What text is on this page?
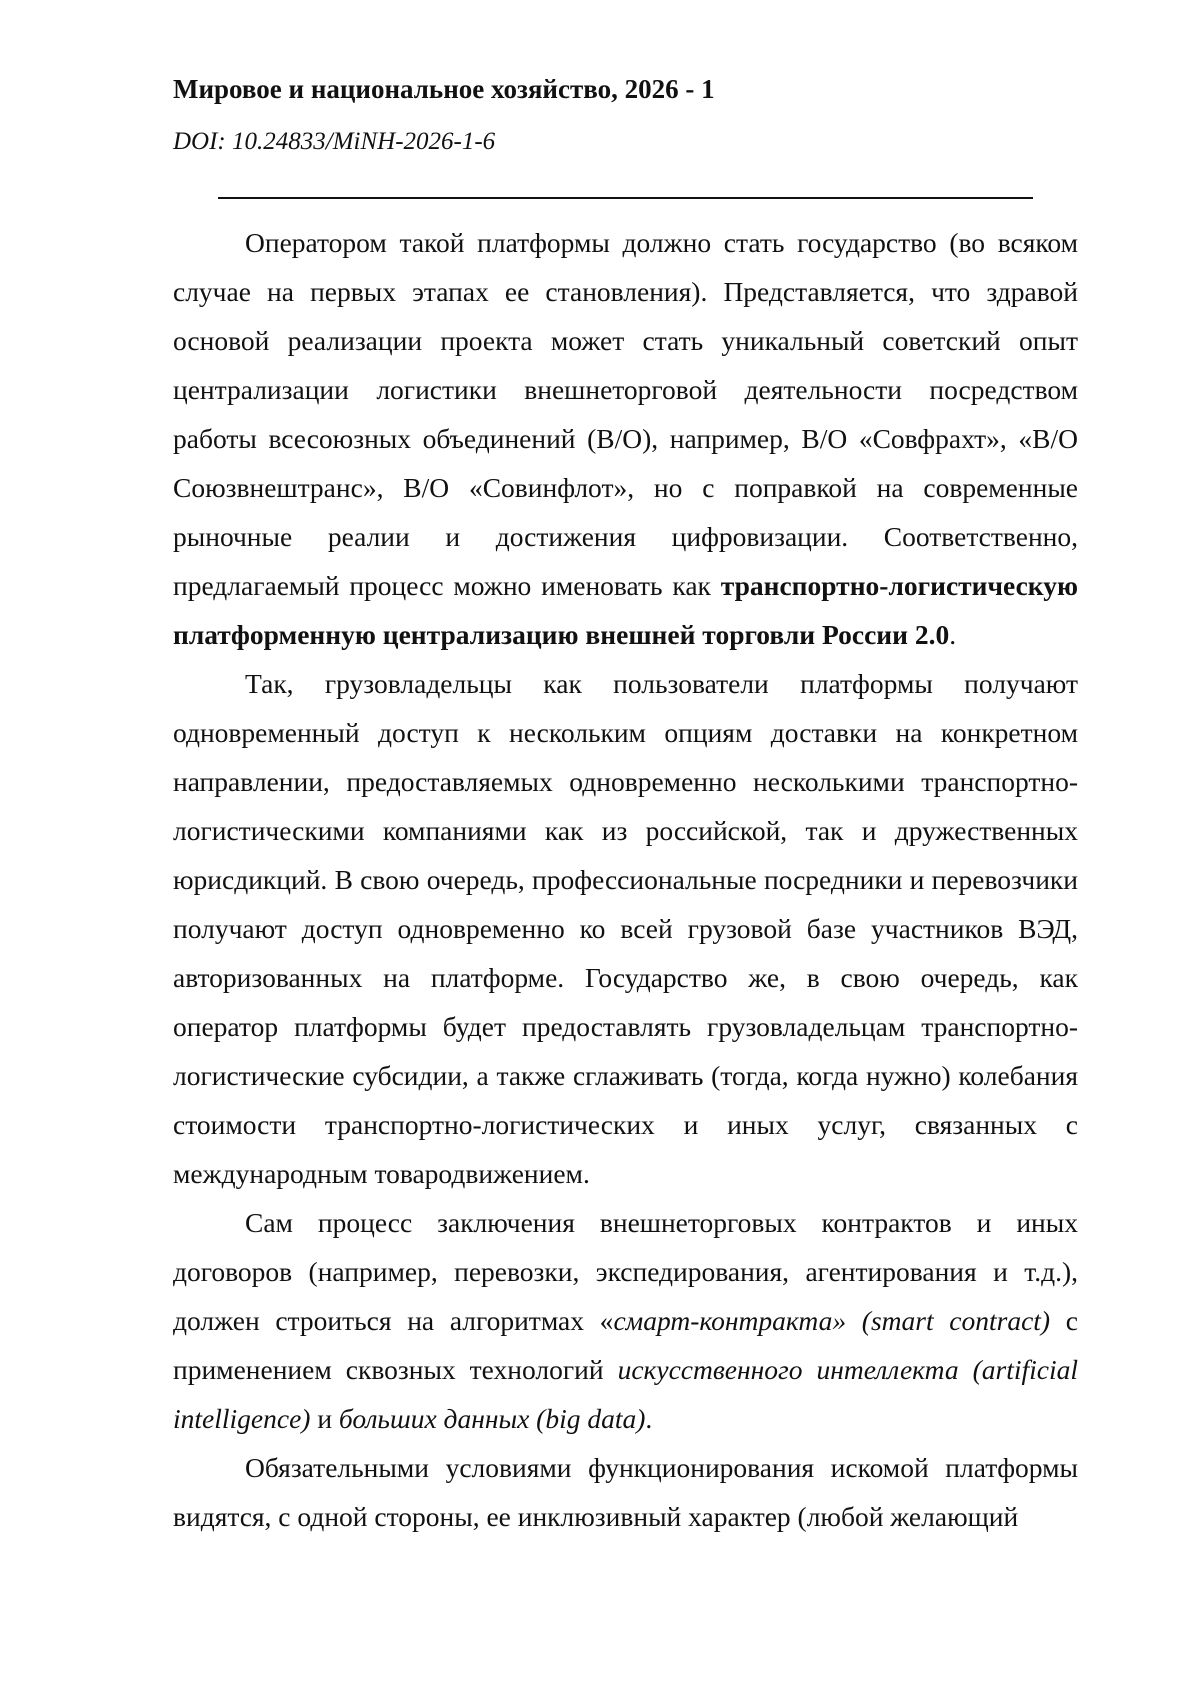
Мировое и национальное хозяйство, 2026 - 1
DOI: 10.24833/MiNH-2026-1-6

Оператором такой платформы должно стать государство (во всяком случае на первых этапах ее становления). Представляется, что здравой основой реализации проекта может стать уникальный советский опыт централизации логистики внешнеторговой деятельности посредством работы всесоюзных объединений (В/О), например, В/О «Совфрахт», «В/О Союзвнештранс», В/О «Совинфлот», но с поправкой на современные рыночные реалии и достижения цифровизации. Соответственно, предлагаемый процесс можно именовать как транспортно-логистическую платформенную централизацию внешней торговли России 2.0.

Так, грузовладельцы как пользователи платформы получают одновременный доступ к нескольким опциям доставки на конкретном направлении, предоставляемых одновременно несколькими транспортно-логистическими компаниями как из российской, так и дружественных юрисдикций. В свою очередь, профессиональные посредники и перевозчики получают доступ одновременно ко всей грузовой базе участников ВЭД, авторизованных на платформе. Государство же, в свою очередь, как оператор платформы будет предоставлять грузовладельцам транспортно-логистические субсидии, а также сглаживать (тогда, когда нужно) колебания стоимости транспортно-логистических и иных услуг, связанных с международным товародвижением.

Сам процесс заключения внешнеторговых контрактов и иных договоров (например, перевозки, экспедирования, агентирования и т.д.), должен строиться на алгоритмах «смарт-контракта» (smart contract) с применением сквозных технологий искусственного интеллекта (artificial intelligence) и больших данных (big data).

Обязательными условиями функционирования искомой платформы видятся, с одной стороны, ее инклюзивный характер (любой желающий
